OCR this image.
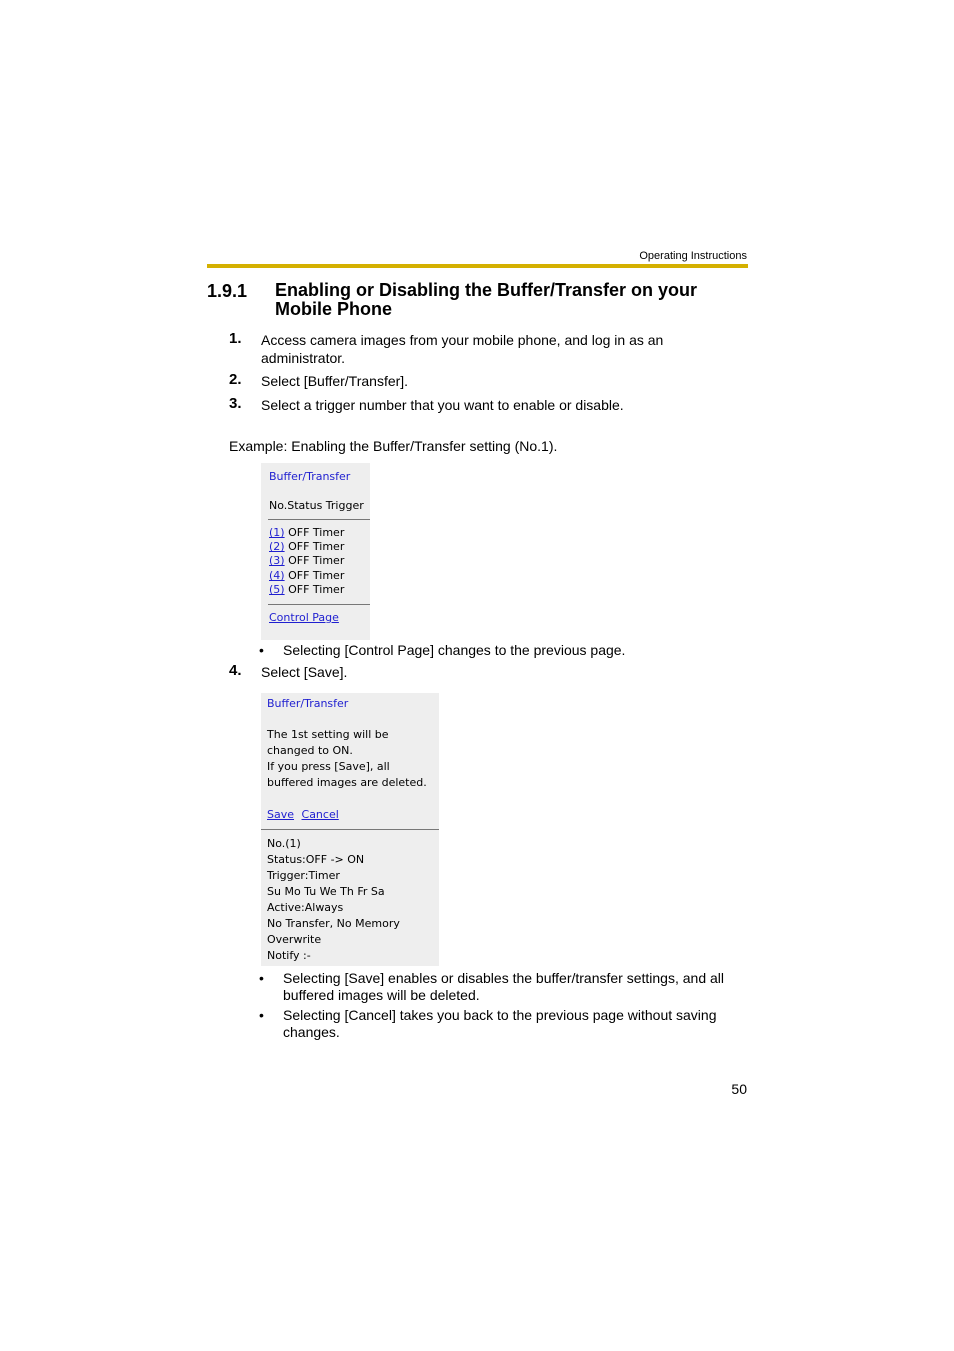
Operating Instructions
1.9.1 Enabling or Disabling the Buffer/Transfer on your Mobile Phone
1. Access camera images from your mobile phone, and log in as an administrator.
2. Select [Buffer/Transfer].
3. Select a trigger number that you want to enable or disable.
Example: Enabling the Buffer/Transfer setting (No.1).
Buffer/Transfer
No.Status Trigger
(1) OFF Timer
(2) OFF Timer
(3) OFF Timer
(4) OFF Timer
(5) OFF Timer
Control Page
• Selecting [Control Page] changes to the previous page.
4. Select [Save].
Buffer/Transfer
The 1st setting will be
changed to ON.
If you press [Save], all
buffered images are deleted.
Save Cancel
No.(1)
Status:OFF -> ON
Trigger:Timer
Su Mo Tu We Th Fr Sa
Active:Always
No Transfer, No Memory
Overwrite
Notify :-
• Selecting [Save] enables or disables the buffer/transfer settings, and all buffered images will be deleted.
• Selecting [Cancel] takes you back to the previous page without saving changes.
50
